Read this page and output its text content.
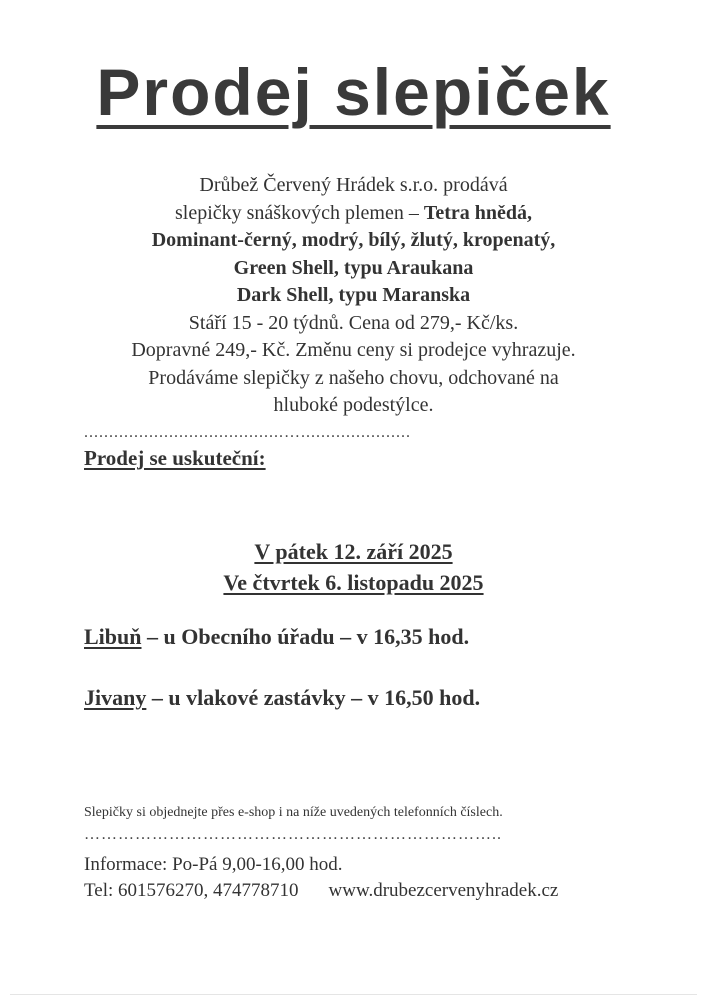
Prodej slepiček
Drůbež Červený Hrádek s.r.o. prodává
slepičky snáškových plemen – Tetra hnědá,
Dominant-černý, modrý, bílý, žlutý, kropenatý,
Green Shell, typu Araukana
Dark Shell, typu Maranska
Stáří 15 - 20 týdnů. Cena od 279,- Kč/ks.
Dopravné 249,- Kč. Změnu ceny si prodejce vyhrazuje.
Prodáváme slepičky z našeho chovu, odchované na
hluboké podestýlce.
........................................…......................
Prodej se uskuteční:
V pátek 12. září 2025
Ve čtvrtek 6. listopadu 2025
Libuň – u Obecního úřadu – v 16,35 hod.
Jivany – u vlakové zastávky – v 16,50 hod.
Slepičky si objednejte přes e-shop i na níže uvedených telefonních číslech.
………………………………………………………………..
Informace: Po-Pá 9,00-16,00 hod.
Tel: 601576270, 474778710 www.drubezcervenyhradek.cz
